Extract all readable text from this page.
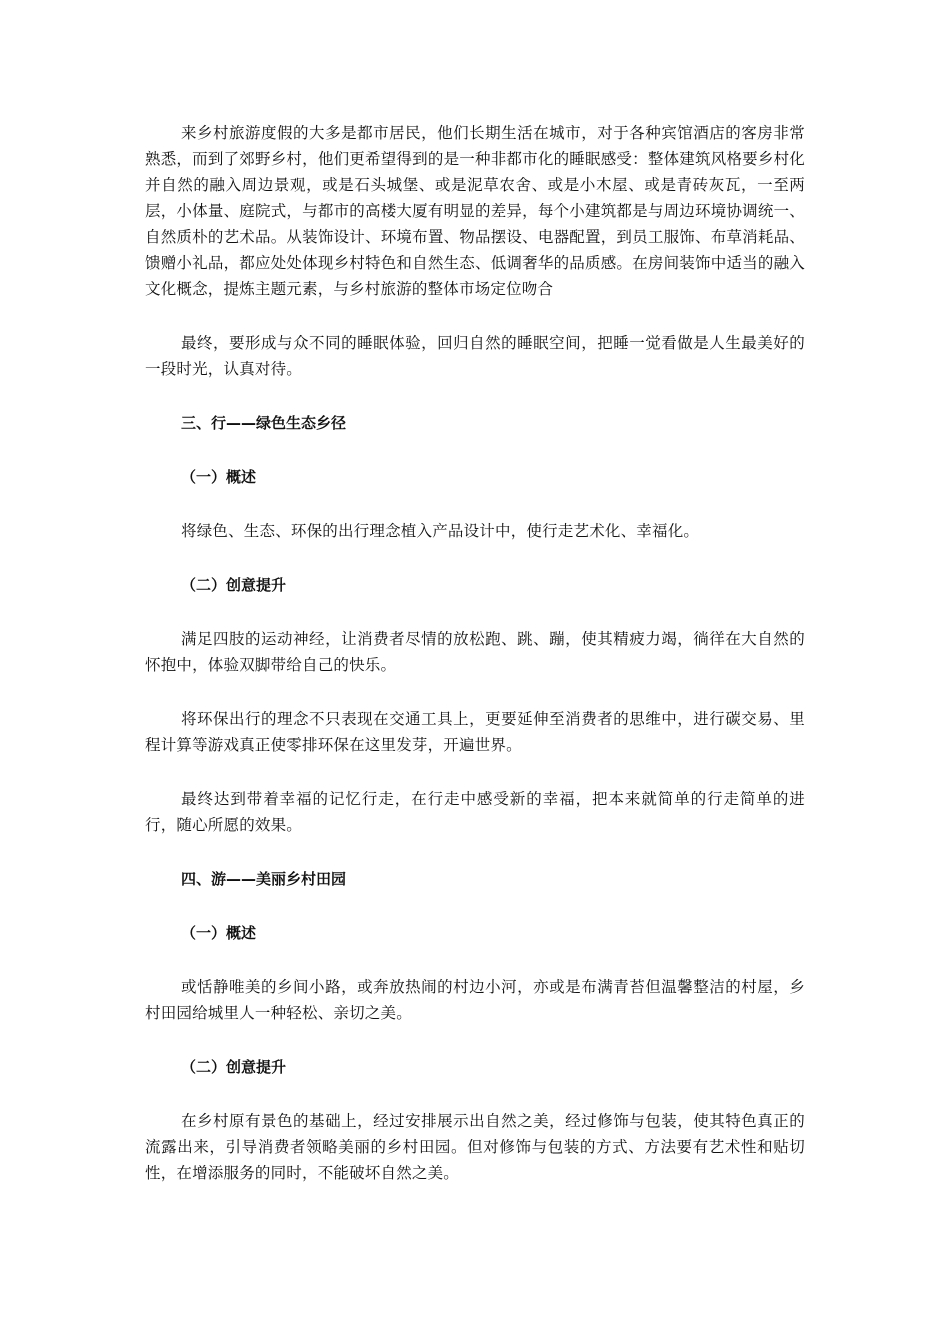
来乡村旅游度假的大多是都市居民，他们长期生活在城市，对于各种宾馆酒店的客房非常熟悉，而到了郊野乡村，他们更希望得到的是一种非都市化的睡眠感受：整体建筑风格要乡村化并自然的融入周边景观，或是石头城堡、或是泥草农舍、或是小木屋、或是青砖灰瓦，一至两层，小体量、庭院式，与都市的高楼大厦有明显的差异，每个小建筑都是与周边环境协调统一、自然质朴的艺术品。从装饰设计、环境布置、物品摆设、电器配置，到员工服饰、布草消耗品、馈赠小礼品，都应处处体现乡村特色和自然生态、低调奢华的品质感。在房间装饰中适当的融入文化概念，提炼主题元素，与乡村旅游的整体市场定位吻合

最终，要形成与众不同的睡眠体验，回归自然的睡眠空间，把睡一觉看做是人生最美好的一段时光，认真对待。

三、行——绿色生态乡径

（一）概述

将绿色、生态、环保的出行理念植入产品设计中，使行走艺术化、幸福化。

（二）创意提升

满足四肢的运动神经，让消费者尽情的放松跑、跳、蹦，使其精疲力竭，徜徉在大自然的怀抱中，体验双脚带给自己的快乐。

将环保出行的理念不只表现在交通工具上，更要延伸至消费者的思维中，进行碳交易、里程计算等游戏真正使零排环保在这里发芽，开遍世界。

最终达到带着幸福的记忆行走，在行走中感受新的幸福，把本来就简单的行走简单的进行，随心所愿的效果。

四、游——美丽乡村田园

（一）概述

或恬静唯美的乡间小路，或奔放热闹的村边小河，亦或是布满青苔但温馨整洁的村屋，乡村田园给城里人一种轻松、亲切之美。

（二）创意提升

在乡村原有景色的基础上，经过安排展示出自然之美，经过修饰与包装，使其特色真正的流露出来，引导消费者领略美丽的乡村田园。但对修饰与包装的方式、方法要有艺术性和贴切性，在增添服务的同时，不能破坏自然之美。
